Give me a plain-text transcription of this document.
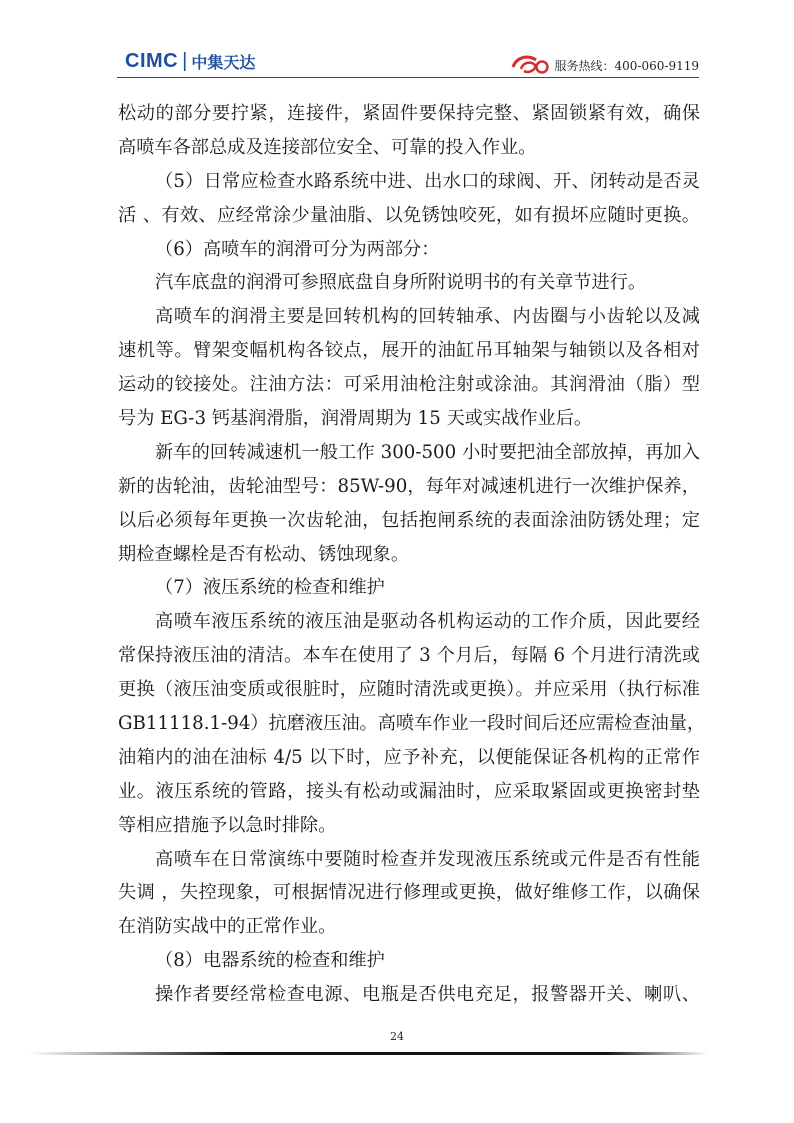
CIMC | 中集天达	服务热线：400-060-9119

松动的部分要拧紧，连接件，紧固件要保持完整、紧固锁紧有效，确保

高喷车各部总成及连接部位安全、可靠的投入作业。

（5）日常应检查水路系统中进、出水口的球阀、开、闭转动是否灵

活 、有效、应经常涂少量油脂、以免锈蚀咬死，如有损坏应随时更换。

（6）高喷车的润滑可分为两部分：

汽车底盘的润滑可参照底盘自身所附说明书的有关章节进行。

高喷车的润滑主要是回转机构的回转轴承、内齿圈与小齿轮以及减

速机等。臂架变幅机构各铰点，展开的油缸吊耳轴架与轴锁以及各相对

运动的铰接处。注油方法：可采用油枪注射或涂油。其润滑油（脂）型

号为 EG-3 钙基润滑脂，润滑周期为 15 天或实战作业后。

新车的回转减速机一般工作 300-500 小时要把油全部放掉，再加入

新的齿轮油，齿轮油型号：85W-90，每年对减速机进行一次维护保养，

以后必须每年更换一次齿轮油，包括抱闸系统的表面涂油防锈处理；定

期检查螺栓是否有松动、锈蚀现象。

（7）液压系统的检查和维护

高喷车液压系统的液压油是驱动各机构运动的工作介质，因此要经

常保持液压油的清洁。本车在使用了 3 个月后，每隔 6 个月进行清洗或

更换（液压油变质或很脏时，应随时清洗或更换）。并应采用（执行标准

GB11118.1-94）抗磨液压油。高喷车作业一段时间后还应需检查油量，

油箱内的油在油标 4/5 以下时，应予补充，以便能保证各机构的正常作

业。液压系统的管路，接头有松动或漏油时，应采取紧固或更换密封垫

等相应措施予以急时排除。

高喷车在日常演练中要随时检查并发现液压系统或元件是否有性能

失调 ，失控现象，可根据情况进行修理或更换，做好维修工作，以确保

在消防实战中的正常作业。

（8）电器系统的检查和维护

操作者要经常检查电源、电瓶是否供电充足，报警器开关、喇叭、

24
